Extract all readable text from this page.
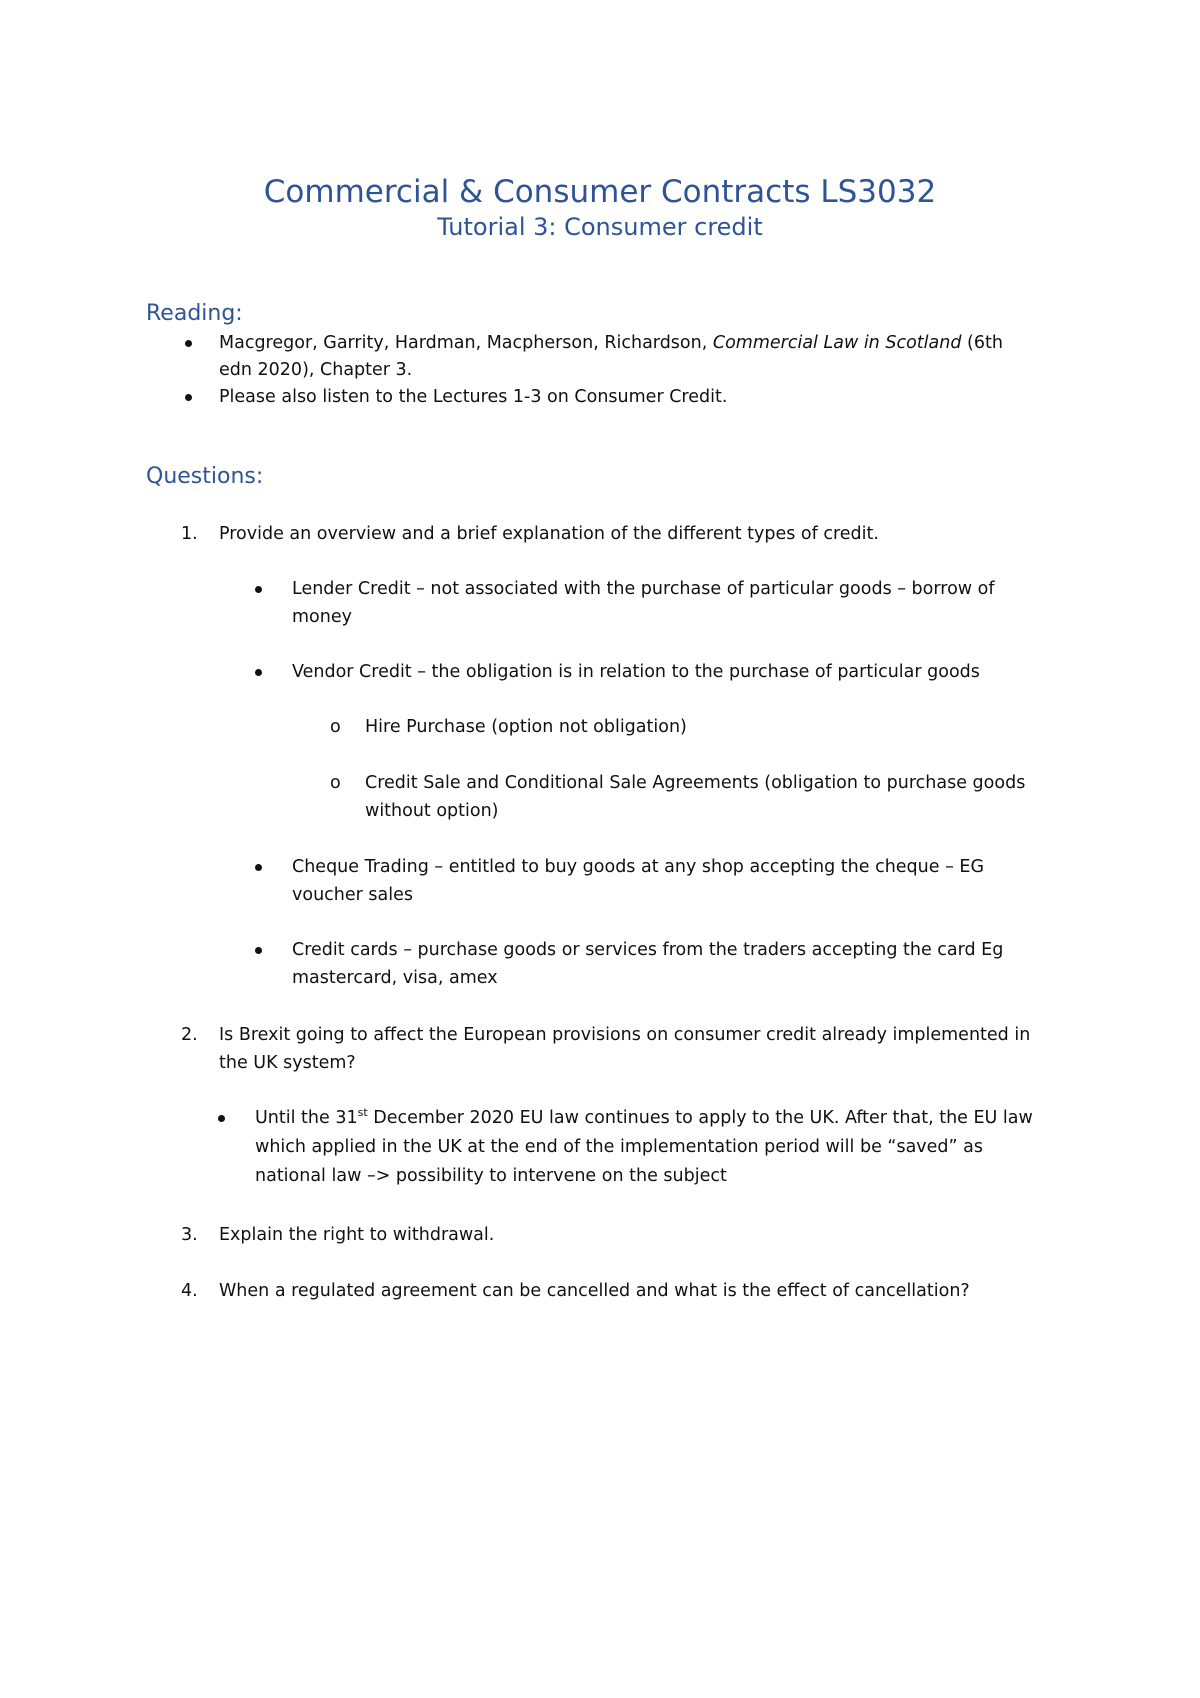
Commercial & Consumer Contracts LS3032
Tutorial 3: Consumer credit
Reading:
Macgregor, Garrity, Hardman, Macpherson, Richardson, Commercial Law in Scotland (6th
edn 2020), Chapter 3.
Please also listen to the Lectures 1-3 on Consumer Credit.
Questions:
1. Provide an overview and a brief explanation of the different types of credit.
Lender Credit – not associated with the purchase of particular goods – borrow of
money
Vendor Credit – the obligation is in relation to the purchase of particular goods
o Hire Purchase (option not obligation)
o Credit Sale and Conditional Sale Agreements (obligation to purchase goods
without option)
Cheque Trading – entitled to buy goods at any shop accepting the cheque – EG
voucher sales
Credit cards – purchase goods or services from the traders accepting the card Eg
mastercard, visa, amex
2. Is Brexit going to affect the European provisions on consumer credit already implemented in
the UK system?
Until the 31st December 2020 EU law continues to apply to the UK. After that, the EU law
which applied in the UK at the end of the implementation period will be “saved” as
national law –> possibility to intervene on the subject
3. Explain the right to withdrawal.
4. When a regulated agreement can be cancelled and what is the effect of cancellation?
